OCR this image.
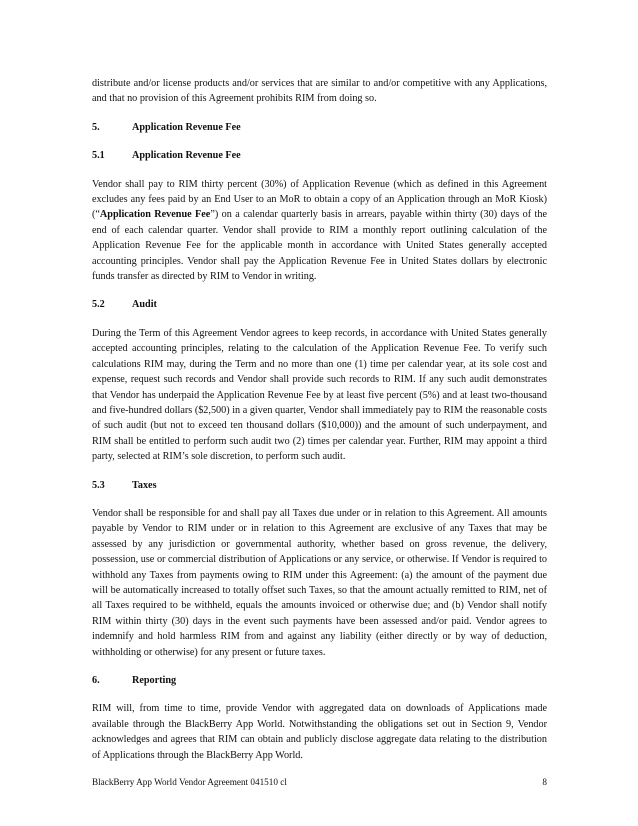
distribute and/or license products and/or services that are similar to and/or competitive with any Applications, and that no provision of this Agreement prohibits RIM from doing so.

5.	Application Revenue Fee

5.1	Application Revenue Fee

Vendor shall pay to RIM thirty percent (30%) of Application Revenue (which as defined in this Agreement excludes any fees paid by an End User to an MoR to obtain a copy of an Application through an MoR Kiosk) (“Application Revenue Fee”) on a calendar quarterly basis in arrears, payable within thirty (30) days of the end of each calendar quarter. Vendor shall provide to RIM a monthly report outlining calculation of the Application Revenue Fee for the applicable month in accordance with United States generally accepted accounting principles. Vendor shall pay the Application Revenue Fee in United States dollars by electronic funds transfer as directed by RIM to Vendor in writing.

5.2	Audit

During the Term of this Agreement Vendor agrees to keep records, in accordance with United States generally accepted accounting principles, relating to the calculation of the Application Revenue Fee. To verify such calculations RIM may, during the Term and no more than one (1) time per calendar year, at its sole cost and expense, request such records and Vendor shall provide such records to RIM. If any such audit demonstrates that Vendor has underpaid the Application Revenue Fee by at least five percent (5%) and at least two-thousand and five-hundred dollars ($2,500) in a given quarter, Vendor shall immediately pay to RIM the reasonable costs of such audit (but not to exceed ten thousand dollars ($10,000)) and the amount of such underpayment, and RIM shall be entitled to perform such audit two (2) times per calendar year. Further, RIM may appoint a third party, selected at RIM’s sole discretion, to perform such audit.

5.3	Taxes

Vendor shall be responsible for and shall pay all Taxes due under or in relation to this Agreement. All amounts payable by Vendor to RIM under or in relation to this Agreement are exclusive of any Taxes that may be assessed by any jurisdiction or governmental authority, whether based on gross revenue, the delivery, possession, use or commercial distribution of Applications or any service, or otherwise. If Vendor is required to withhold any Taxes from payments owing to RIM under this Agreement: (a) the amount of the payment due will be automatically increased to totally offset such Taxes, so that the amount actually remitted to RIM, net of all Taxes required to be withheld, equals the amounts invoiced or otherwise due; and (b) Vendor shall notify RIM within thirty (30) days in the event such payments have been assessed and/or paid. Vendor agrees to indemnify and hold harmless RIM from and against any liability (either directly or by way of deduction, withholding or otherwise) for any present or future taxes.

6.	Reporting

RIM will, from time to time, provide Vendor with aggregated data on downloads of Applications made available through the BlackBerry App World. Notwithstanding the obligations set out in Section 9, Vendor acknowledges and agrees that RIM can obtain and publicly disclose aggregate data relating to the distribution of Applications through the BlackBerry App World.

BlackBerry App World Vendor Agreement 041510 cl	8
